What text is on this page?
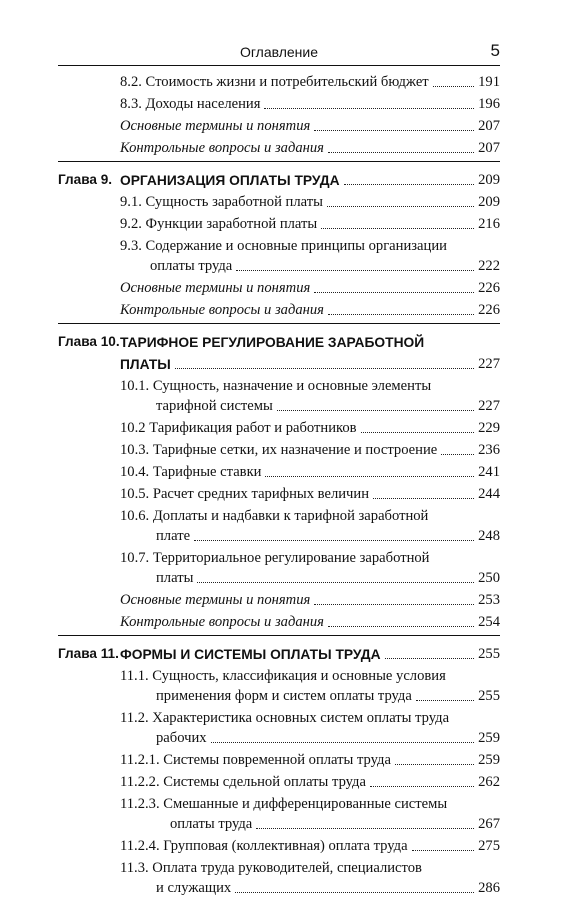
Оглавление	5
8.2. Стоимость жизни и потребительский бюджет	191
8.3. Доходы населения	196
Основные термины и понятия	207
Контрольные вопросы и задания	207
Глава 9. ОРГАНИЗАЦИЯ ОПЛАТЫ ТРУДА	209
9.1. Сущность заработной платы	209
9.2. Функции заработной платы	216
9.3. Содержание и основные принципы организации
оплаты труда	222
Основные термины и понятия	226
Контрольные вопросы и задания	226
Глава 10. ТАРИФНОЕ РЕГУЛИРОВАНИЕ ЗАРАБОТНОЙ
ПЛАТЫ	227
10.1. Сущность, назначение и основные элементы
тарифной системы	227
10.2 Тарификация работ и работников	229
10.3. Тарифные сетки, их назначение и построение	236
10.4. Тарифные ставки	241
10.5. Расчет средних тарифных величин	244
10.6. Доплаты и надбавки к тарифной заработной
плате	248
10.7. Территориальное регулирование заработной
платы	250
Основные термины и понятия	253
Контрольные вопросы и задания	254
Глава 11. ФОРМЫ И СИСТЕМЫ ОПЛАТЫ ТРУДА	255
11.1. Сущность, классификация и основные условия
применения форм и систем оплаты труда	255
11.2. Характеристика основных систем оплаты труда
рабочих	259
11.2.1. Системы повременной оплаты труда	259
11.2.2. Системы сдельной оплаты труда	262
11.2.3. Смешанные и дифференцированные системы
оплаты труда	267
11.2.4. Групповая (коллективная) оплата труда	275
11.3. Оплата труда руководителей, специалистов
и служащих	286
